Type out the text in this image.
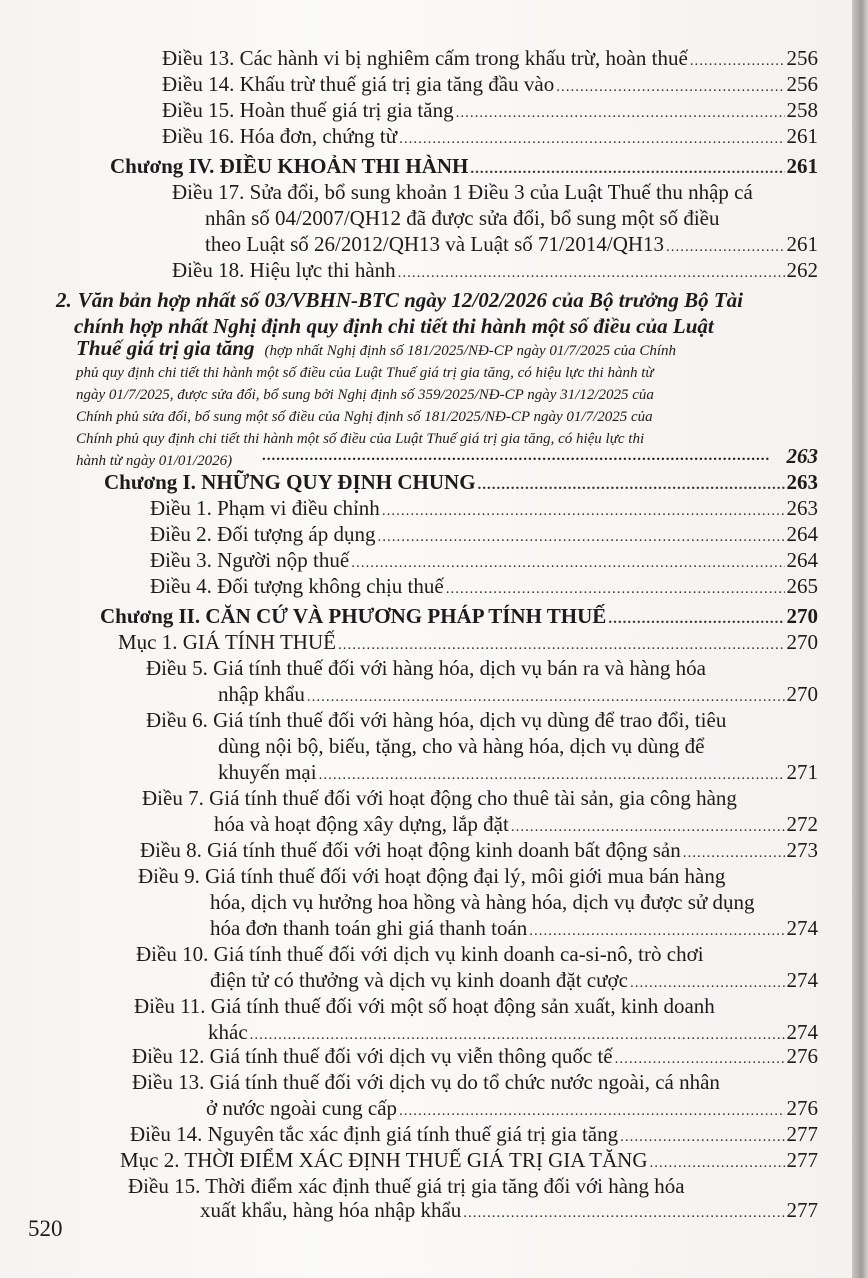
Điều 13. Các hành vi bị nghiêm cấm trong khấu trừ, hoàn thuế .....	256
Điều 14. Khấu trừ thuế giá trị gia tăng đầu vào .....	256
Điều 15. Hoàn thuế giá trị gia tăng .....	258
Điều 16. Hóa đơn, chứng từ .....	261
Chương IV. ĐIỀU KHOẢN THI HÀNH .....	261
Điều 17. Sửa đổi, bổ sung khoản 1 Điều 3 của Luật Thuế thu nhập cá
nhân số 04/2007/QH12 đã được sửa đổi, bổ sung một số điều
theo Luật số 26/2012/QH13 và Luật số 71/2014/QH13 .....	261
Điều 18. Hiệu lực thi hành .....	262
2. Văn bản hợp nhất số 03/VBHN-BTC ngày 12/02/2026 của Bộ trưởng Bộ Tài
chính hợp nhất Nghị định quy định chi tiết thi hành một số điều của Luật
Thuế giá trị gia tăng (hợp nhất Nghị định số 181/2025/NĐ-CP ngày 01/7/2025 của Chính
phủ quy định chi tiết thi hành một số điều của Luật Thuế giá trị gia tăng, có hiệu lực thi hành từ
ngày 01/7/2025, được sửa đổi, bổ sung bởi Nghị định số 359/2025/NĐ-CP ngày 31/12/2025 của
Chính phủ sửa đổi, bổ sung một số điều của Nghị định số 181/2025/NĐ-CP ngày 01/7/2025 của
Chính phủ quy định chi tiết thi hành một số điều của Luật Thuế giá trị gia tăng, có hiệu lực thi
hành từ ngày 01/01/2026) .....	263
Chương I. NHỮNG QUY ĐỊNH CHUNG .....	263
Điều 1. Phạm vi điều chỉnh .....	263
Điều 2. Đối tượng áp dụng .....	264
Điều 3. Người nộp thuế .....	264
Điều 4. Đối tượng không chịu thuế .....	265
Chương II. CĂN CỨ VÀ PHƯƠNG PHÁP TÍNH THUẾ .....	270
Mục 1. GIÁ TÍNH THUẾ .....	270
Điều 5. Giá tính thuế đối với hàng hóa, dịch vụ bán ra và hàng hóa
nhập khẩu .....	270
Điều 6. Giá tính thuế đối với hàng hóa, dịch vụ dùng để trao đổi, tiêu
dùng nội bộ, biếu, tặng, cho và hàng hóa, dịch vụ dùng để
khuyến mại .....	271
Điều 7. Giá tính thuế đối với hoạt động cho thuê tài sản, gia công hàng
hóa và hoạt động xây dựng, lắp đặt .....	272
Điều 8. Giá tính thuế đối với hoạt động kinh doanh bất động sản .....	273
Điều 9. Giá tính thuế đối với hoạt động đại lý, môi giới mua bán hàng
hóa, dịch vụ hưởng hoa hồng và hàng hóa, dịch vụ được sử dụng
hóa đơn thanh toán ghi giá thanh toán .....	274
Điều 10. Giá tính thuế đối với dịch vụ kinh doanh ca-si-nô, trò chơi
điện tử có thưởng và dịch vụ kinh doanh đặt cược .....	274
Điều 11. Giá tính thuế đối với một số hoạt động sản xuất, kinh doanh
khác .....	274
Điều 12. Giá tính thuế đối với dịch vụ viễn thông quốc tế .....	276
Điều 13. Giá tính thuế đối với dịch vụ do tổ chức nước ngoài, cá nhân
ở nước ngoài cung cấp .....	276
Điều 14. Nguyên tắc xác định giá tính thuế giá trị gia tăng .....	277
Mục 2. THỜI ĐIỂM XÁC ĐỊNH THUẾ GIÁ TRỊ GIA TĂNG .....	277
Điều 15. Thời điểm xác định thuế giá trị gia tăng đối với hàng hóa
xuất khẩu, hàng hóa nhập khẩu .....	277
520
